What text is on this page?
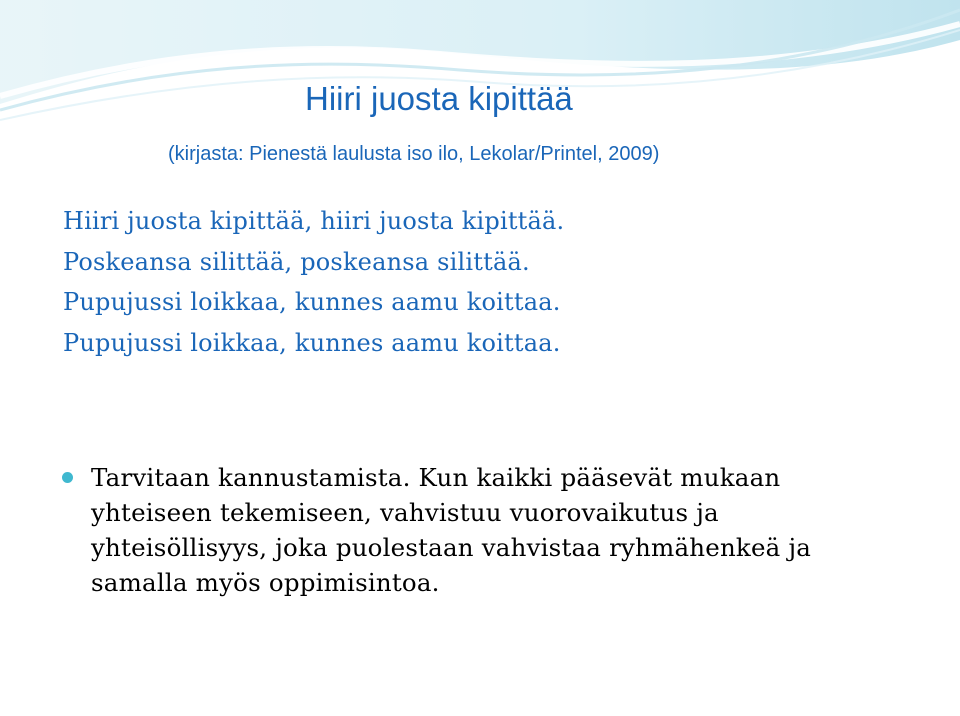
Hiiri juosta kipittää
(kirjasta: Pienestä laulusta iso ilo, Lekolar/Printel, 2009)
Hiiri juosta kipittää, hiiri juosta kipittää.
Poskeansa silittää, poskeansa silittää.
Pupujussi loikkaa, kunnes aamu koittaa.
Pupujussi loikkaa, kunnes aamu koittaa.
Tarvitaan kannustamista. Kun kaikki pääsevät mukaan yhteiseen tekemiseen, vahvistuu vuorovaikutus ja yhteisöllisyys, joka puolestaan vahvistaa ryhmähenkeä ja samalla myös oppimisintoa.
